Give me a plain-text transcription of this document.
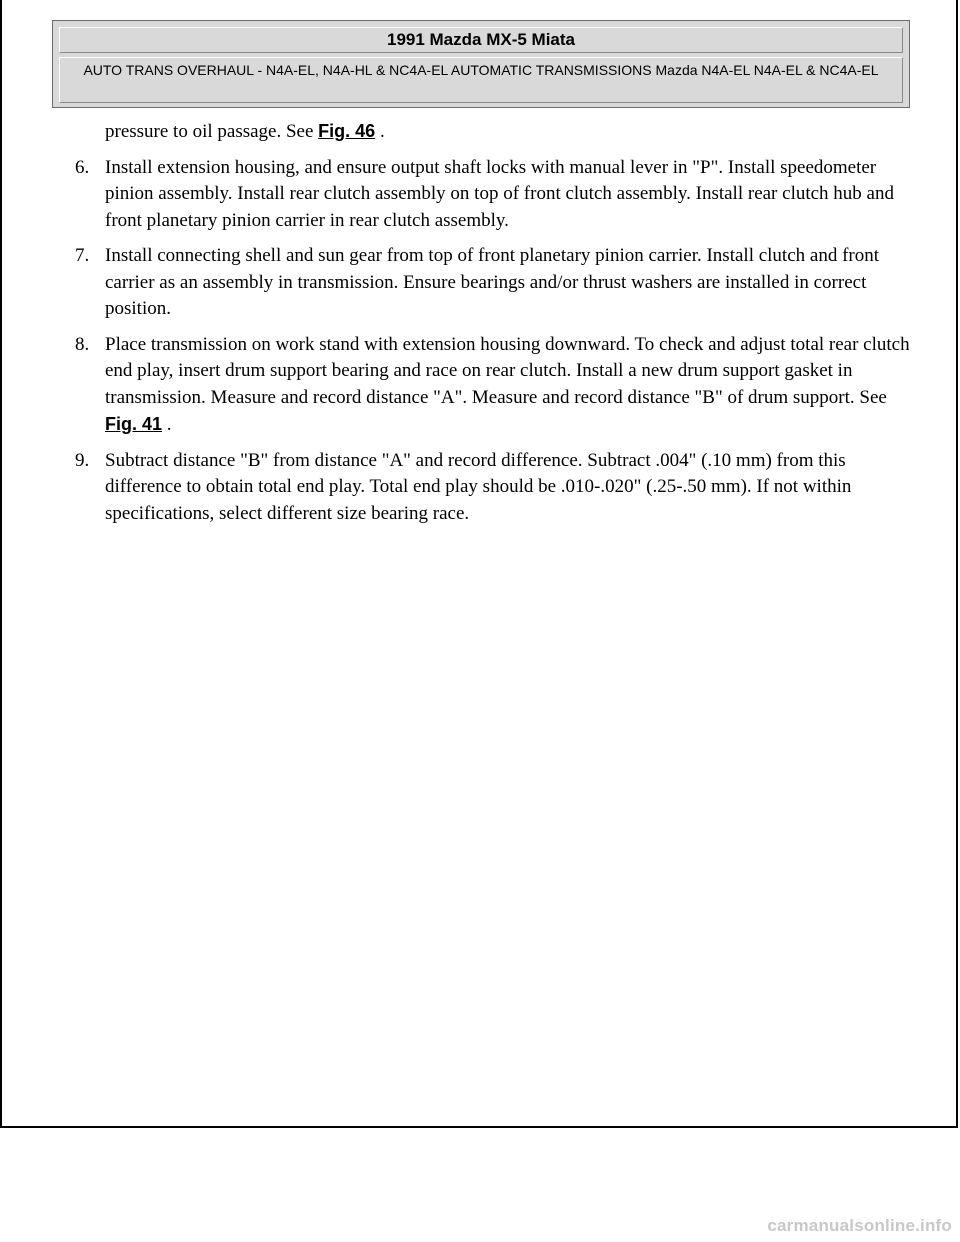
1991 Mazda MX-5 Miata
AUTO TRANS OVERHAUL - N4A-EL, N4A-HL & NC4A-EL AUTOMATIC TRANSMISSIONS Mazda N4A-EL N4A-EL & NC4A-EL

pressure to oil passage. See Fig. 46 .

6. Install extension housing, and ensure output shaft locks with manual lever in "P". Install speedometer pinion assembly. Install rear clutch assembly on top of front clutch assembly. Install rear clutch hub and front planetary pinion carrier in rear clutch assembly.
7. Install connecting shell and sun gear from top of front planetary pinion carrier. Install clutch and front carrier as an assembly in transmission. Ensure bearings and/or thrust washers are installed in correct position.
8. Place transmission on work stand with extension housing downward. To check and adjust total rear clutch end play, insert drum support bearing and race on rear clutch. Install a new drum support gasket in transmission. Measure and record distance "A". Measure and record distance "B" of drum support. See Fig. 41 .
9. Subtract distance "B" from distance "A" and record difference. Subtract .004" (.10 mm) from this difference to obtain total end play. Total end play should be .010-.020" (.25-.50 mm). If not within specifications, select different size bearing race.
carmanualsonline.info
